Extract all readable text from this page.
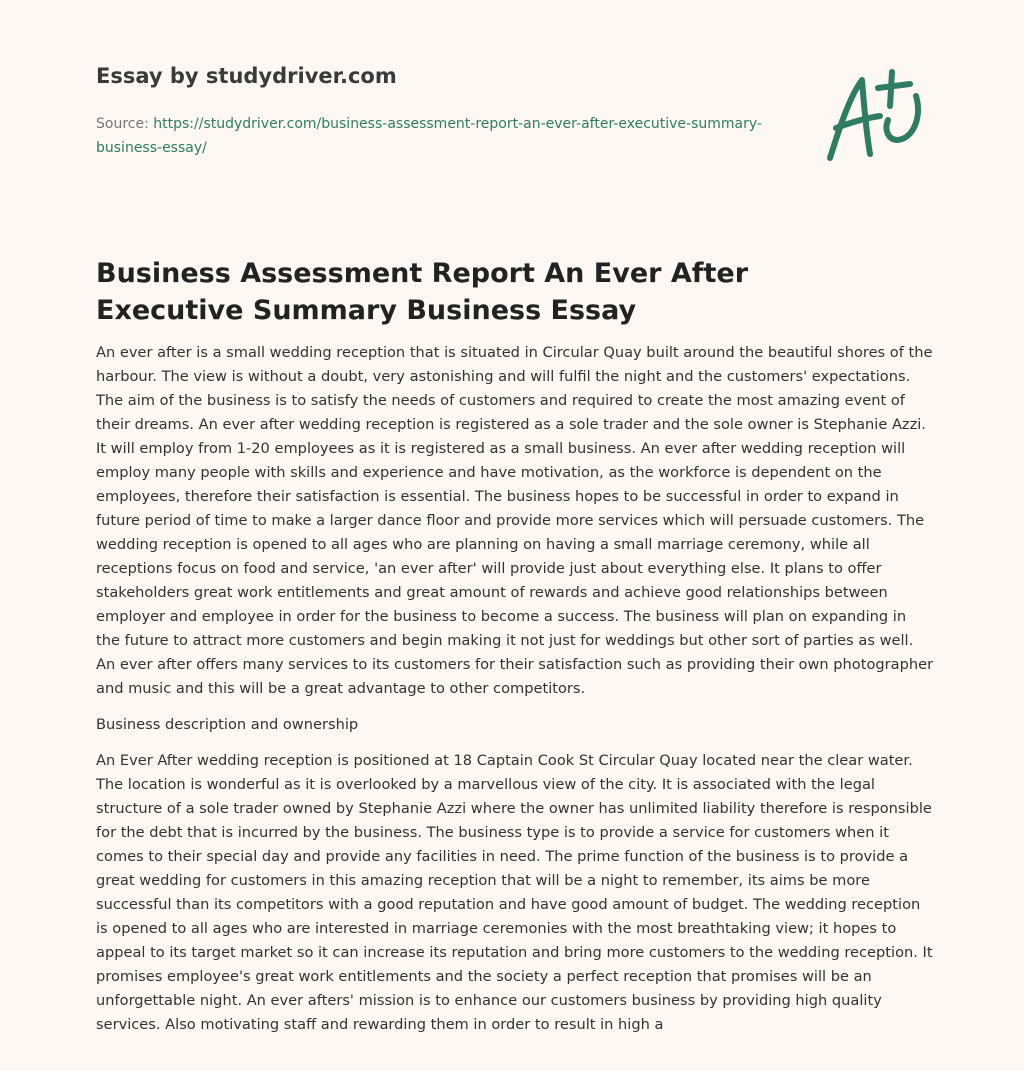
Essay by studydriver.com
Source: https://studydriver.com/business-assessment-report-an-ever-after-executive-summary-business-essay/
Business Assessment Report An Ever After Executive Summary Business Essay

An ever after is a small wedding reception that is situated in Circular Quay built around the beautiful shores of the harbour. The view is without a doubt, very astonishing and will fulfil the night and the customers' expectations. The aim of the business is to satisfy the needs of customers and required to create the most amazing event of their dreams. An ever after wedding reception is registered as a sole trader and the sole owner is Stephanie Azzi. It will employ from 1-20 employees as it is registered as a small business. An ever after wedding reception will employ many people with skills and experience and have motivation, as the workforce is dependent on the employees, therefore their satisfaction is essential. The business hopes to be successful in order to expand in future period of time to make a larger dance floor and provide more services which will persuade customers. The wedding reception is opened to all ages who are planning on having a small marriage ceremony, while all receptions focus on food and service, 'an ever after' will provide just about everything else. It plans to offer stakeholders great work entitlements and great amount of rewards and achieve good relationships between employer and employee in order for the business to become a success. The business will plan on expanding in the future to attract more customers and begin making it not just for weddings but other sort of parties as well. An ever after offers many services to its customers for their satisfaction such as providing their own photographer and music and this will be a great advantage to other competitors.

Business description and ownership

An Ever After wedding reception is positioned at 18 Captain Cook St Circular Quay located near the clear water. The location is wonderful as it is overlooked by a marvellous view of the city. It is associated with the legal structure of a sole trader owned by Stephanie Azzi where the owner has unlimited liability therefore is responsible for the debt that is incurred by the business. The business type is to provide a service for customers when it comes to their special day and provide any facilities in need. The prime function of the business is to provide a great wedding for customers in this amazing reception that will be a night to remember, its aims be more successful than its competitors with a good reputation and have good amount of budget. The wedding reception is opened to all ages who are interested in marriage ceremonies with the most breathtaking view; it hopes to appeal to its target market so it can increase its reputation and bring more customers to the wedding reception. It promises employee's great work entitlements and the society a perfect reception that promises will be an unforgettable night. An ever afters' mission is to enhance our customers business by providing high quality services. Also motivating staff and rewarding them in order to result in high a
